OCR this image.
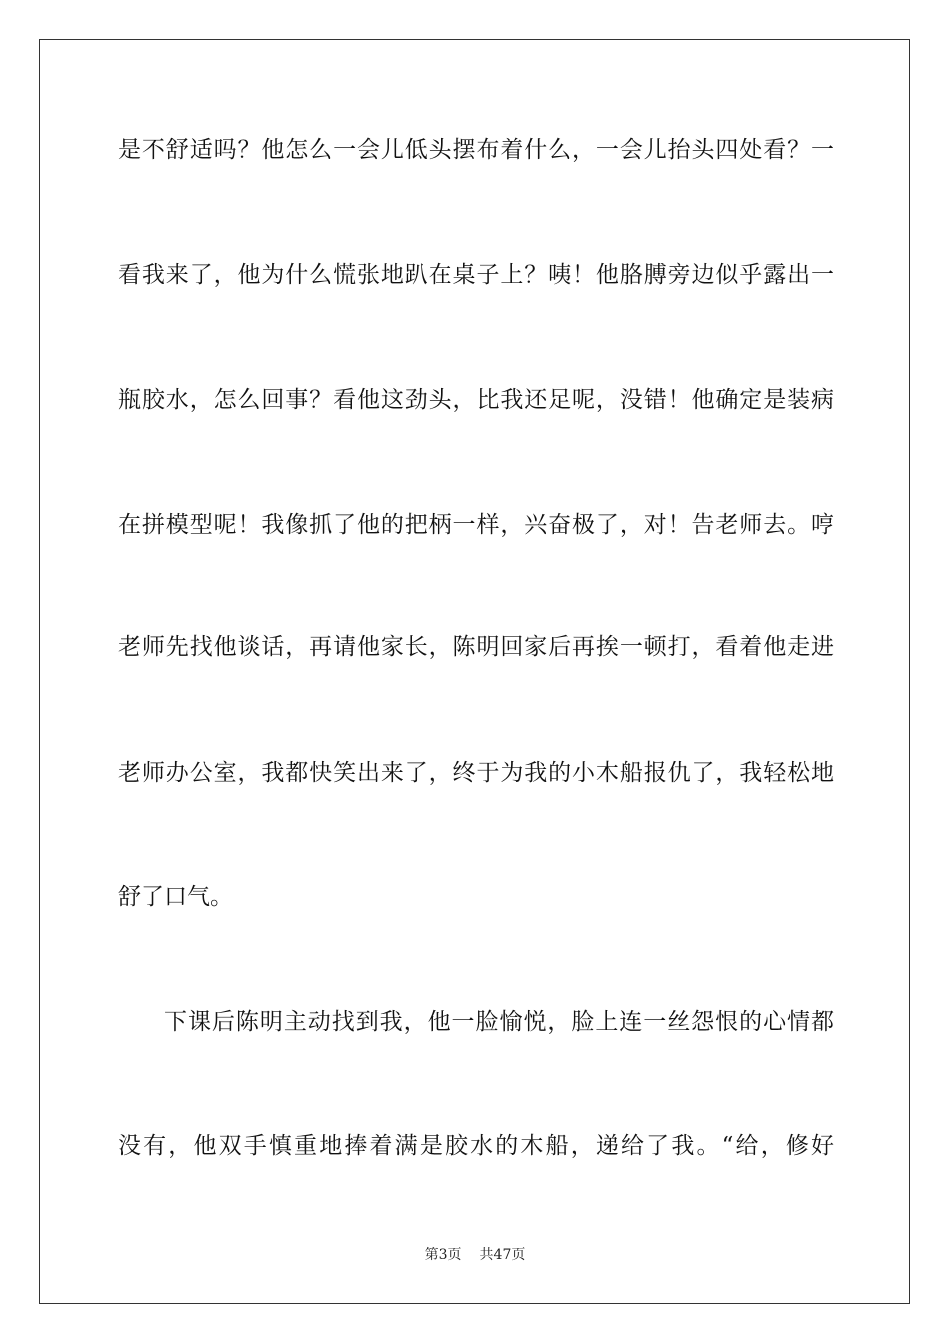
是不舒适吗？他怎么一会儿低头摆布着什么，一会儿抬头四处看？一
看我来了，他为什么慌张地趴在桌子上？咦！他胳膊旁边似乎露出一
瓶胶水，怎么回事？看他这劲头，比我还足呢，没错！他确定是装病
在拼模型呢！我像抓了他的把柄一样，兴奋极了，对！告老师去。哼
老师先找他谈话，再请他家长，陈明回家后再挨一顿打，看着他走进
老师办公室，我都快笑出来了，终于为我的小木船报仇了，我轻松地
舒了口气。
下课后陈明主动找到我，他一脸愉悦，脸上连一丝怨恨的心情都
没有，他双手慎重地捧着满是胶水的木船，递给了我。“给，修好
第3页 共47页
